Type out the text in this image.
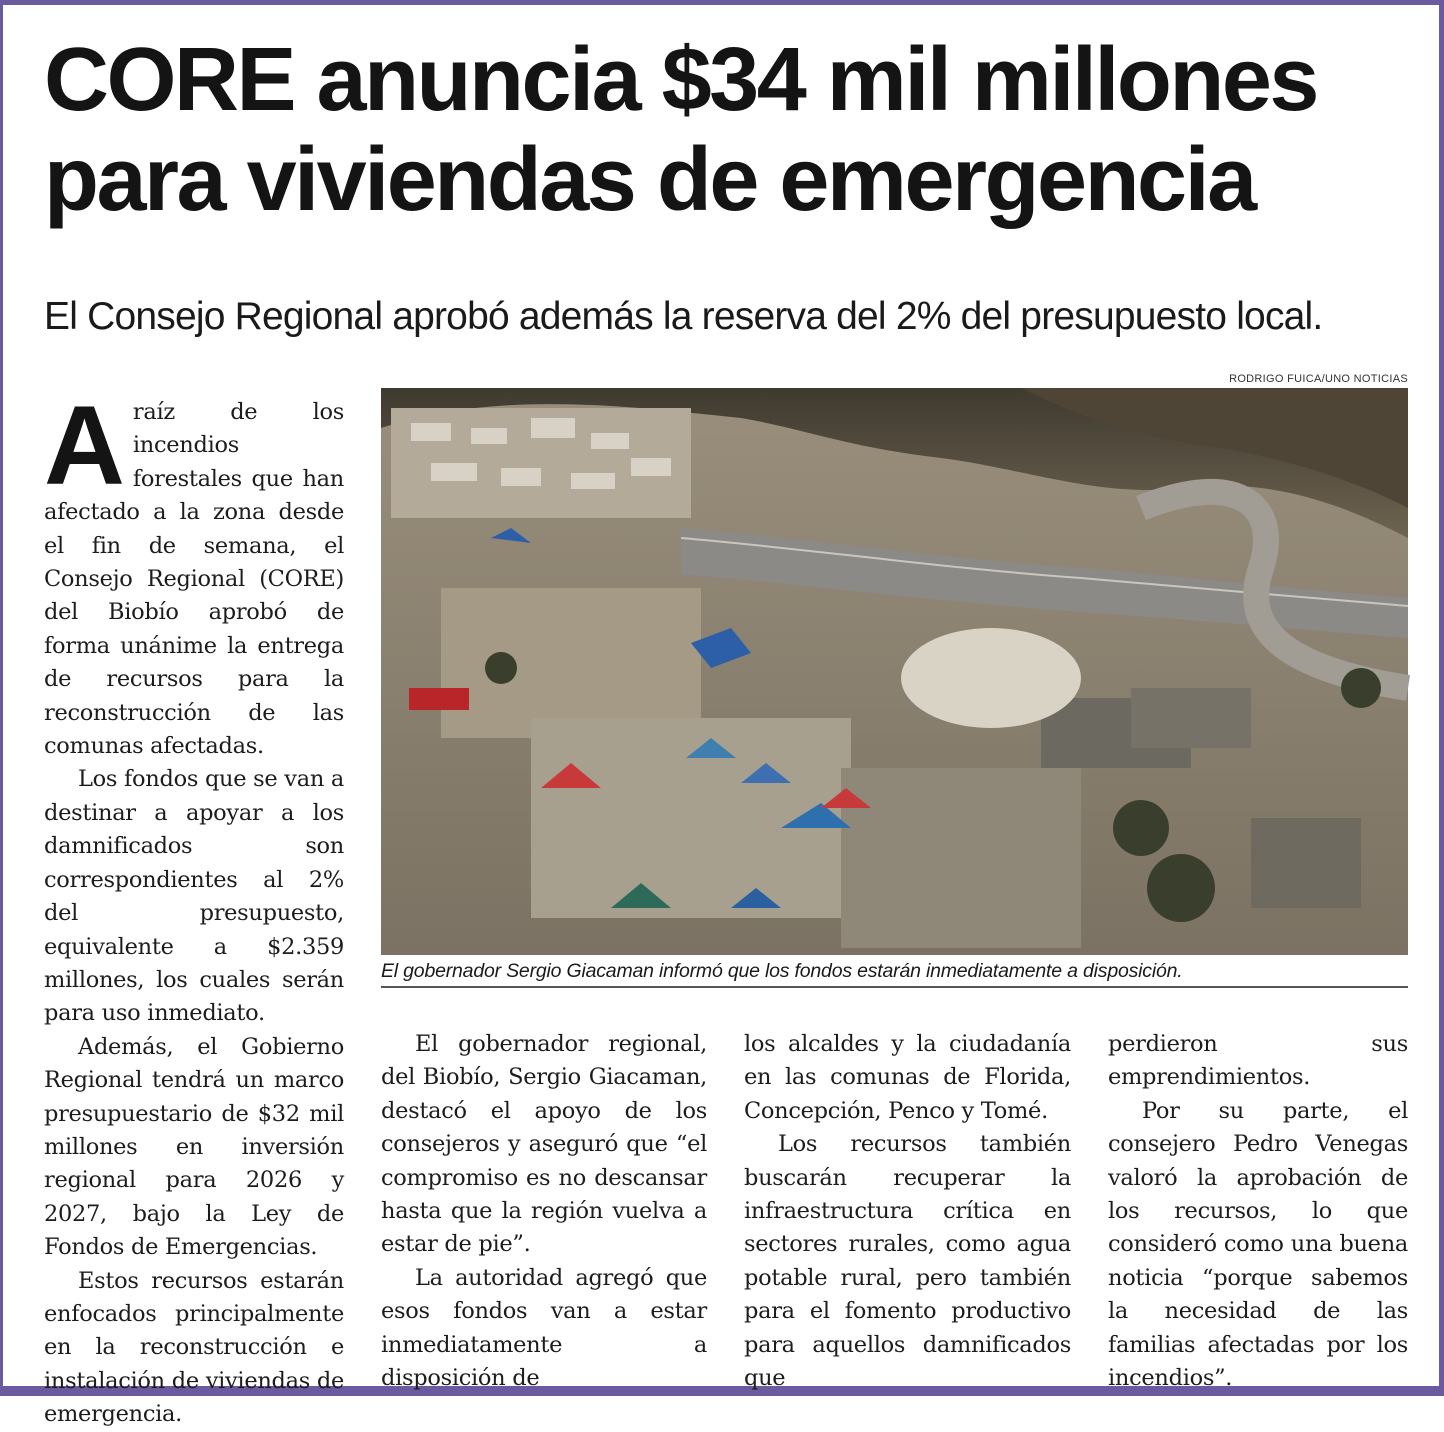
CORE anuncia $34 mil millones
para viviendas de emergencia
El Consejo Regional aprobó además la reserva del 2% del presupuesto local.
RODRIGO FUICA/UNO NOTICIAS
El gobernador Sergio Giacaman informó que los fondos estarán inmediatamente a disposición.

Araíz de los incendios forestales que han afectado a la zona desde el fin de semana, el Consejo Regional (CORE) del Biobío aprobó de forma unánime la entrega de recursos para la reconstrucción de las comunas afectadas.

Los fondos que se van a destinar a apoyar a los damnificados son correspondientes al 2% del presupuesto, equivalente a $2.359 millones, los cuales serán para uso inmediato.

Además, el Gobierno Regional tendrá un marco presupuestario de $32 mil millones en inversión regional para 2026 y 2027, bajo la Ley de Fondos de Emergencias.

Estos recursos estarán enfocados principalmente en la reconstrucción e instalación de viviendas de emergencia.

El gobernador regional, del Biobío, Sergio Giacaman, destacó el apoyo de los consejeros y aseguró que “el compromiso es no descansar hasta que la región vuelva a estar de pie”.

La autoridad agregó que esos fondos van a estar inmediatamente a disposición de

los alcaldes y la ciudadanía en las comunas de Florida, Concepción, Penco y Tomé.

Los recursos también buscarán recuperar la infraestructura crítica en sectores rurales, como agua potable rural, pero también para el fomento productivo para aquellos damnificados que

perdieron sus emprendimientos.

Por su parte, el consejero Pedro Venegas valoró la aprobación de los recursos, lo que consideró como una buena noticia “porque sabemos la necesidad de las familias afectadas por los incendios”.
